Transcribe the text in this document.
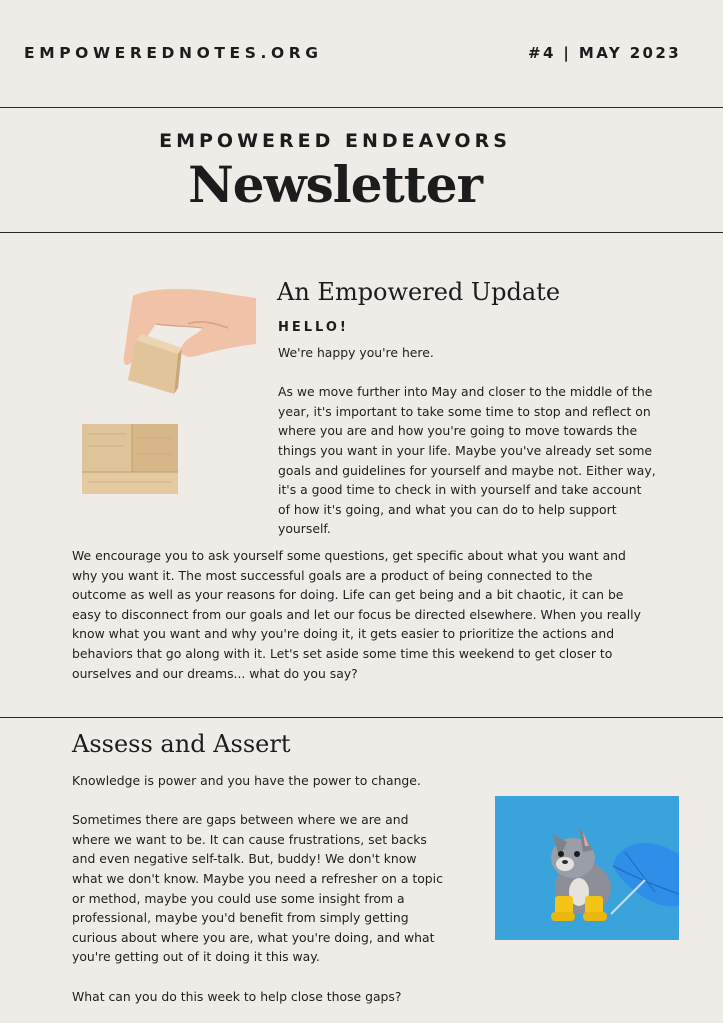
EMPOWEREDNOTES.ORG	#4 | MAY 2023
EMPOWERED ENDEAVORS
Newsletter
An Empowered Update
HELLO!

We're happy you're here.

As we move further into May and closer to the middle of the

year, it's important to take some time to stop and reflect on

where you are and how you're going to move towards the

things you want in your life. Maybe you've already set some

goals and guidelines for yourself and maybe not. Either way,

it's a good time to check in with yourself and take account

of how it's going, and what you can do to help support

yourself.

We encourage you to ask yourself some questions, get specific about what you want and

why you want it. The most successful goals are a product of being connected to the

outcome as well as your reasons for doing. Life can get being and a bit chaotic, it can be

easy to disconnect from our goals and let our focus be directed elsewhere. When you really

know what you want and why you're doing it, it gets easier to prioritize the actions and

behaviors that go along with it. Let's set aside some time this weekend to get closer to

ourselves and our dreams... what do you say?

Assess and Assert

Knowledge is power and you have the power to change.

Sometimes there are gaps between where we are and

where we want to be. It can cause frustrations, set backs

and even negative self-talk. But, buddy! We don't know

what we don't know. Maybe you need a refresher on a topic

or method, maybe you could use some insight from a

professional, maybe you'd benefit from simply getting

curious about where you are, what you're doing, and what

you're getting out of it doing it this way.

What can you do this week to help close those gaps?
